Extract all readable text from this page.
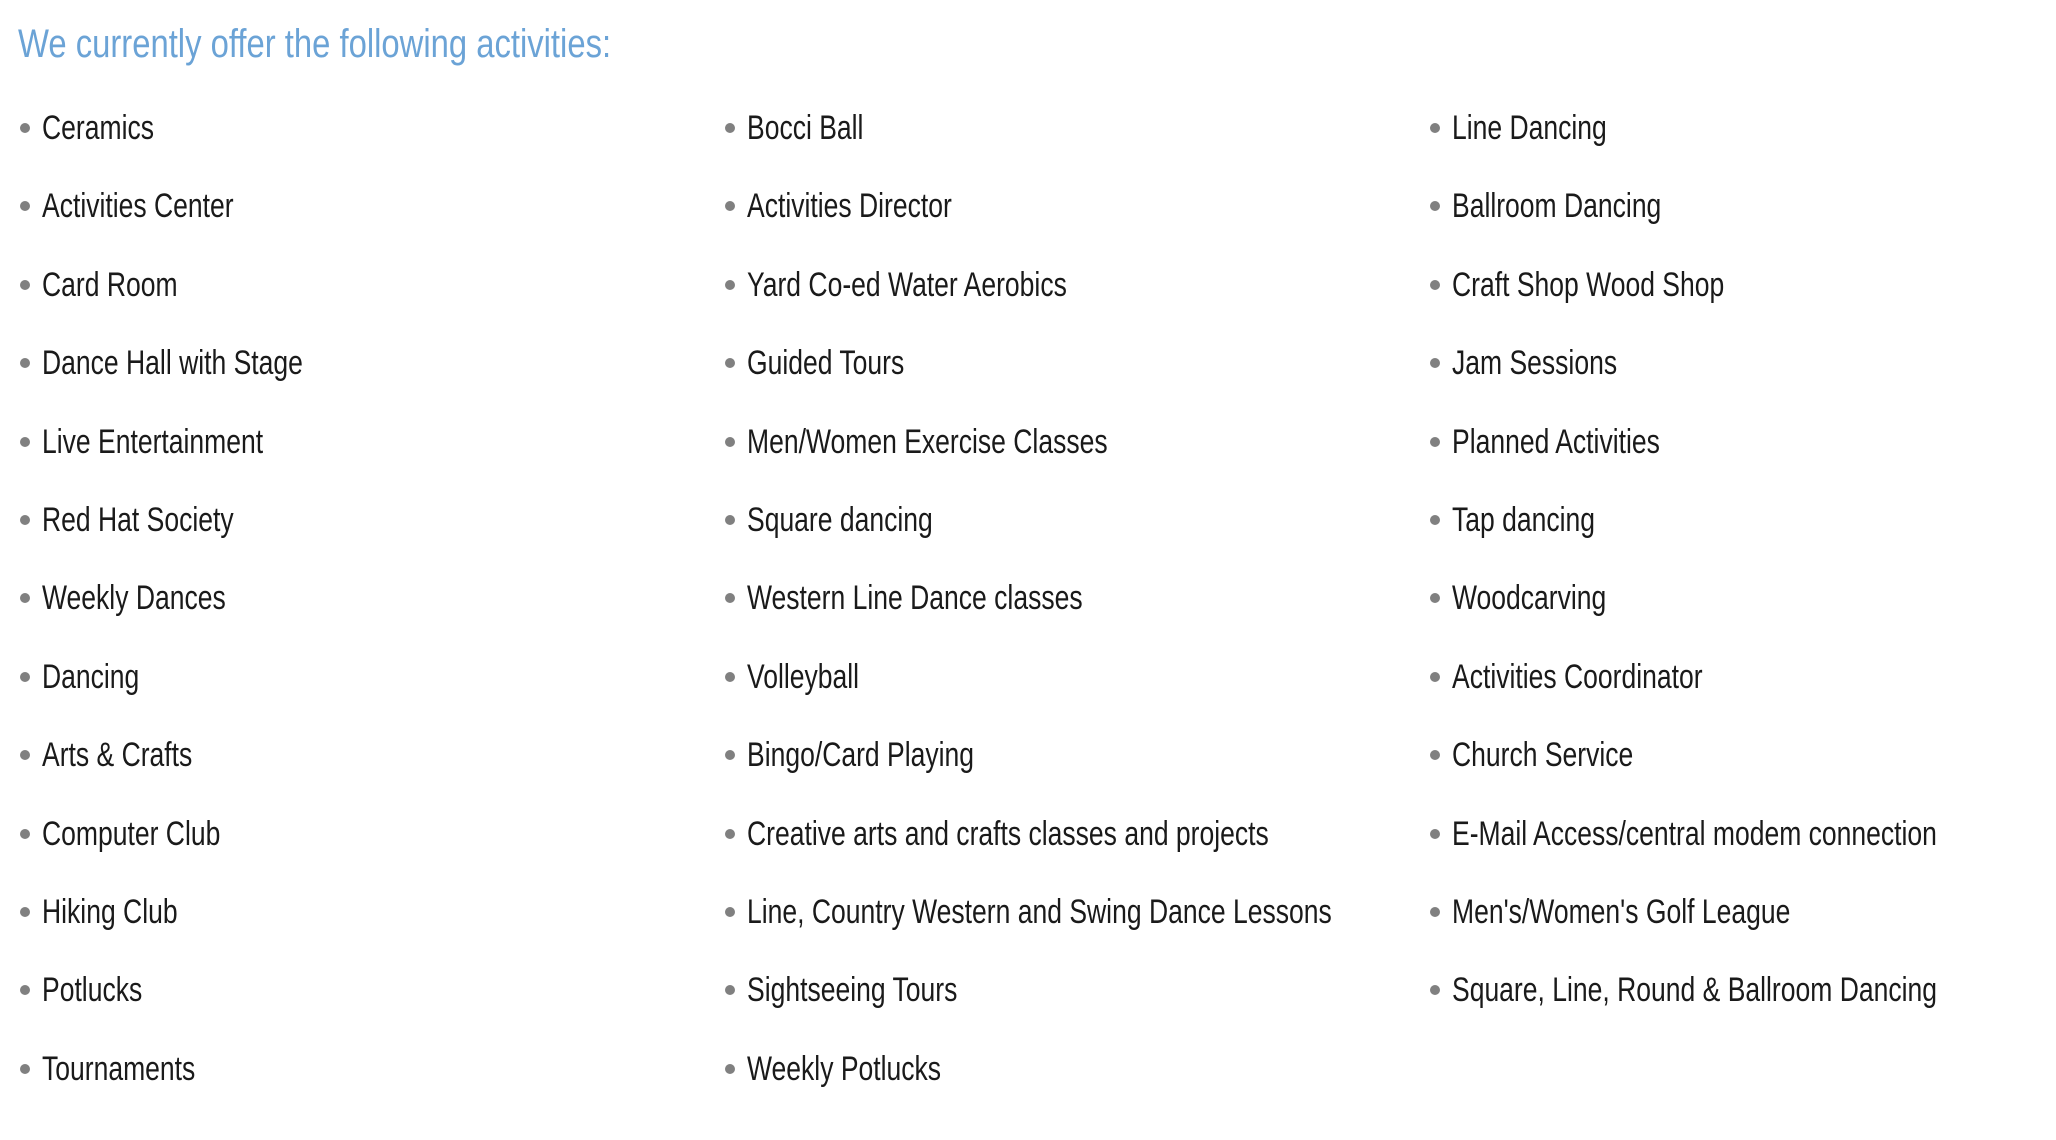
We currently offer the following activities:
Ceramics
Activities Center
Card Room
Dance Hall with Stage
Live Entertainment
Red Hat Society
Weekly Dances
Dancing
Arts & Crafts
Computer Club
Hiking Club
Potlucks
Tournaments
Bocci Ball
Activities Director
Yard Co-ed Water Aerobics
Guided Tours
Men/Women Exercise Classes
Square dancing
Western Line Dance classes
Volleyball
Bingo/Card Playing
Creative arts and crafts classes and projects
Line, Country Western and Swing Dance Lessons
Sightseeing Tours
Weekly Potlucks
Line Dancing
Ballroom Dancing
Craft Shop Wood Shop
Jam Sessions
Planned Activities
Tap dancing
Woodcarving
Activities Coordinator
Church Service
E-Mail Access/central modem connection
Men's/Women's Golf League
Square, Line, Round & Ballroom Dancing
